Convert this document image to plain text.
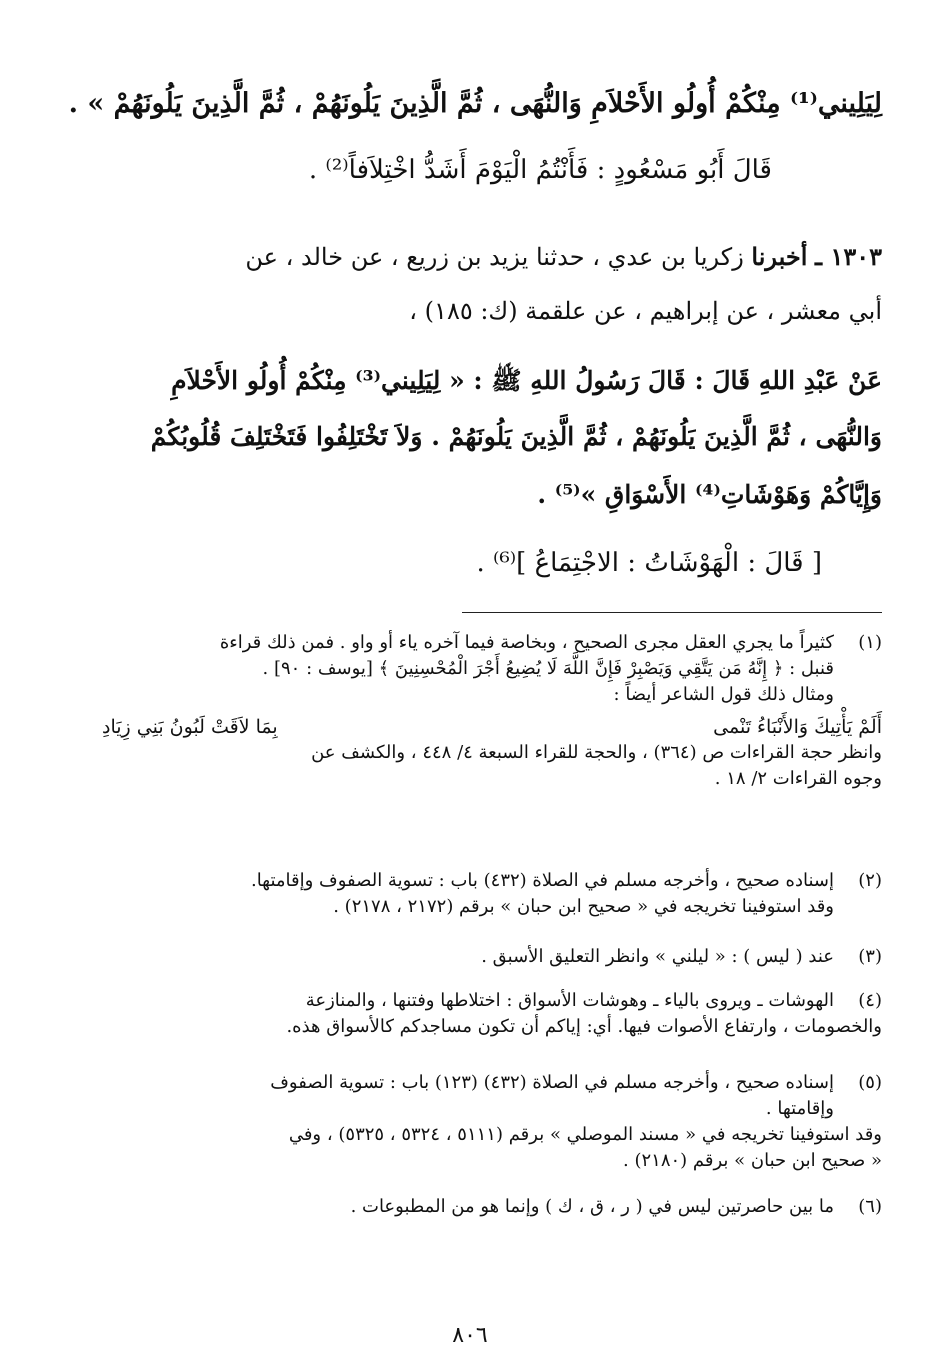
لِيَلِيني⁽¹⁾ مِنْكُمْ أُولُو الأَحْلاَمِ وَالنُّهَى ، ثُمَّ الَّذِينَ يَلُونَهُمْ ، ثُمَّ الَّذِينَ يَلُونَهُمْ » .
قَالَ أَبُو مَسْعُودٍ : فَأَنْتُمُ الْيَوْمَ أَشَدُّ اخْتِلاَفاً⁽²⁾ .
١٣٠٣ ـ أخبرنا زكريا بن عدي ، حدثنا يزيد بن زريع ، عن خالد ، عن
أبي معشر ، عن إبراهيم ، عن علقمة (ك: ١٨٥) ،
عَنْ عَبْدِ اللهِ قَالَ : قَالَ رَسُولُ اللهِ ﷺ : « لِيَلِيني⁽³⁾ مِنْكُمْ أُولُو الأَحْلاَمِ
وَالنُّهَى ، ثُمَّ الَّذِينَ يَلُونَهُمْ ، ثُمَّ الَّذِينَ يَلُونَهُمْ . وَلاَ تَخْتَلِفُوا فَتَخْتَلِفَ قُلُوبُكُمْ
وَإِيَّاكُمْ وَهَوْشَاتِ⁽⁴⁾ الأَسْوَاقِ »⁽⁵⁾ .
[ قَالَ : الْهَوْشَاتُ : الاجْتِمَاعُ ]⁽⁶⁾ .
(١)
كثيراً ما يجري العقل مجرى الصحيح ، وبخاصة فيما آخره ياء أو واو . فمن ذلك قراءة
قنبل : ﴿ إِنَّهُ مَن يَتَّقِي وَيَصْبِرْ فَإِنَّ اللَّهَ لَا يُضِيعُ أَجْرَ الْمُحْسِنِينَ ﴾ [يوسف : ٩٠] .
ومثال ذلك قول الشاعر أيضاً :
أَلَمْ يَأْتِيكَ وَالأَنْبَاءُ تَنْمى
بِمَا لاَقَتْ لَبُونُ بَنِي زِيَادِ
وانظر حجة القراءات ص (٣٦٤) ، والحجة للقراء السبعة ٤/ ٤٤٨ ، والكشف عن
وجوه القراءات ٢/ ١٨ .
(٢)
إسناده صحيح ، وأخرجه مسلم في الصلاة (٤٣٢) باب : تسوية الصفوف وإقامتها.
وقد استوفينا تخريجه في « صحيح ابن حبان » برقم (٢١٧٢ ، ٢١٧٨) .
(٣)
عند ( ليس ) : « ليلني » وانظر التعليق الأسبق .
(٤)
الهوشات ـ ويروى بالياء ـ وهوشات الأسواق : اختلاطها وفتنها ، والمنازعة
والخصومات ، وارتفاع الأصوات فيها. أي: إياكم أن تكون مساجدكم كالأسواق هذه.
(٥)
إسناده صحيح ، وأخرجه مسلم في الصلاة (٤٣٢) (١٢٣) باب : تسوية الصفوف
وإقامتها .
وقد استوفينا تخريجه في « مسند الموصلي » برقم (٥١١١ ، ٥٣٢٤ ، ٥٣٢٥) ، وفي
« صحيح ابن حبان » برقم (٢١٨٠) .
(٦)
ما بين حاصرتين ليس في ( ر ، ق ، ك ) وإنما هو من المطبوعات .
٨٠٦
